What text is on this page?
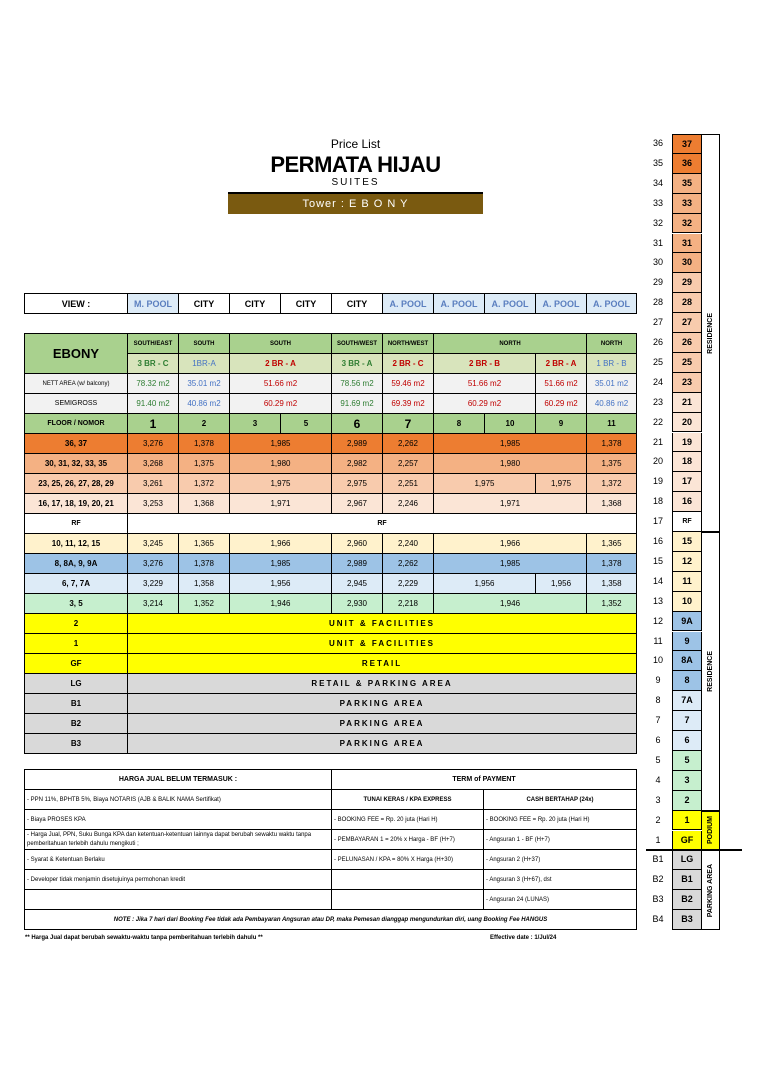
Price List
PERMATA HIJAU
SUITES
Tower : E B O N Y
VIEW :	M. POOL	CITY	CITY	CITY	CITY	A. POOL	A. POOL	A. POOL	A. POOL	A. POOL
EBONY	SOUTH/EAST	SOUTH	SOUTH		SOUTH/WEST	NORTH/WEST	NORTH			NORTH
	3 BR - C	1BR-A	2 BR - A		3 BR - A	2 BR - C	2 BR - B		2 BR - A	1 BR - B
NETT AREA (w/ balcony)	78.32 m2	35.01 m2	51.66 m2		78.56 m2	59.46 m2	51.66 m2		51.66 m2	35.01 m2
SEMIGROSS	91.40 m2	40.86 m2	60.29 m2		91.69 m2	69.39 m2	60.29 m2		60.29 m2	40.86 m2
FLOOR / NOMOR	1	2	3	5	6	7	8	10	9	11
36, 37	3,276	1,378	1,985		2,989	2,262	1,985			1,378
30, 31, 32, 33, 35	3,268	1,375	1,980		2,982	2,257	1,980			1,375
23, 25, 26, 27, 28, 29	3,261	1,372	1,975		2,975	2,251	1,975		1,975	1,372
16, 17, 18, 19, 20, 21	3,253	1,368	1,971		2,967	2,246	1,971			1,368
RF	RF									
10, 11, 12, 15	3,245	1,365	1,966		2,960	2,240	1,966			1,365
8, 8A, 9, 9A	3,276	1,378	1,985		2,989	2,262	1,985			1,378
6, 7, 7A	3,229	1,358	1,956		2,945	2,229	1,956		1,956	1,358
3, 5	3,214	1,352	1,946		2,930	2,218	1,946			1,352
2	UNIT & FACILITIES									
1	UNIT & FACILITIES									
GF	RETAIL									
LG	RETAIL & PARKING AREA									
B1	PARKING AREA									
B2	PARKING AREA									
B3	PARKING AREA									
HARGA JUAL BELUM TERMASUK :	TERM of PAYMENT	
- PPN 11%, BPHTB 5%, Biaya NOTARIS (AJB & BALIK NAMA Sertifikat)	TUNAI KERAS / KPA EXPRESS	CASH BERTAHAP (24x)
- Biaya PROSES KPA	- BOOKING FEE = Rp. 20 juta (Hari H)	- BOOKING FEE = Rp. 20 juta (Hari H)
- Harga Jual, PPN, Suku Bunga KPA dan ketentuan-ketentuan lainnya dapat berubah sewaktu waktu tanpa
pemberitahuan terlebih dahulu mengikuti ;	- PEMBAYARAN 1 = 20% x Harga - BF (H+7)	- Angsuran 1 - BF (H+7)
- Syarat & Ketentuan Berlaku	- PELUNASAN / KPA = 80% X Harga (H+30)	- Angsuran 2 (H+37)
- Developer tidak menjamin disetujuinya permohonan kredit		- Angsuran 3 (H+67), dst
		- Angsuran 24 (LUNAS)
NOTE : Jika 7 hari dari Booking Fee tidak ada Pembayaran Angsuran atau DP, maka Pemesan dianggap mengundurkan diri, uang Booking Fee HANGUS		
** Harga Jual dapat berubah sewaktu-waktu tanpa pemberitahuan terlebih dahulu **	Effective date : 1/Jul/24
36	37
35	36
34	35
33	33
32	32
31	31
30	30
29	29
28	28
27	27
26	26
25	25
24	23
23	21
22	20
21	19
20	18
19	17
18	16
17	RF
16	15
15	12
14	11
13	10
12	9A
11	9
10	8A
9	8
8	7A
7	7
6	6
5	5
4	3
3	2
2	1
1	GF
B1	LG
B2	B1
B3	B2
B4	B3
RESIDENCE
RESIDENCE
PODIUM
PARKING AREA
